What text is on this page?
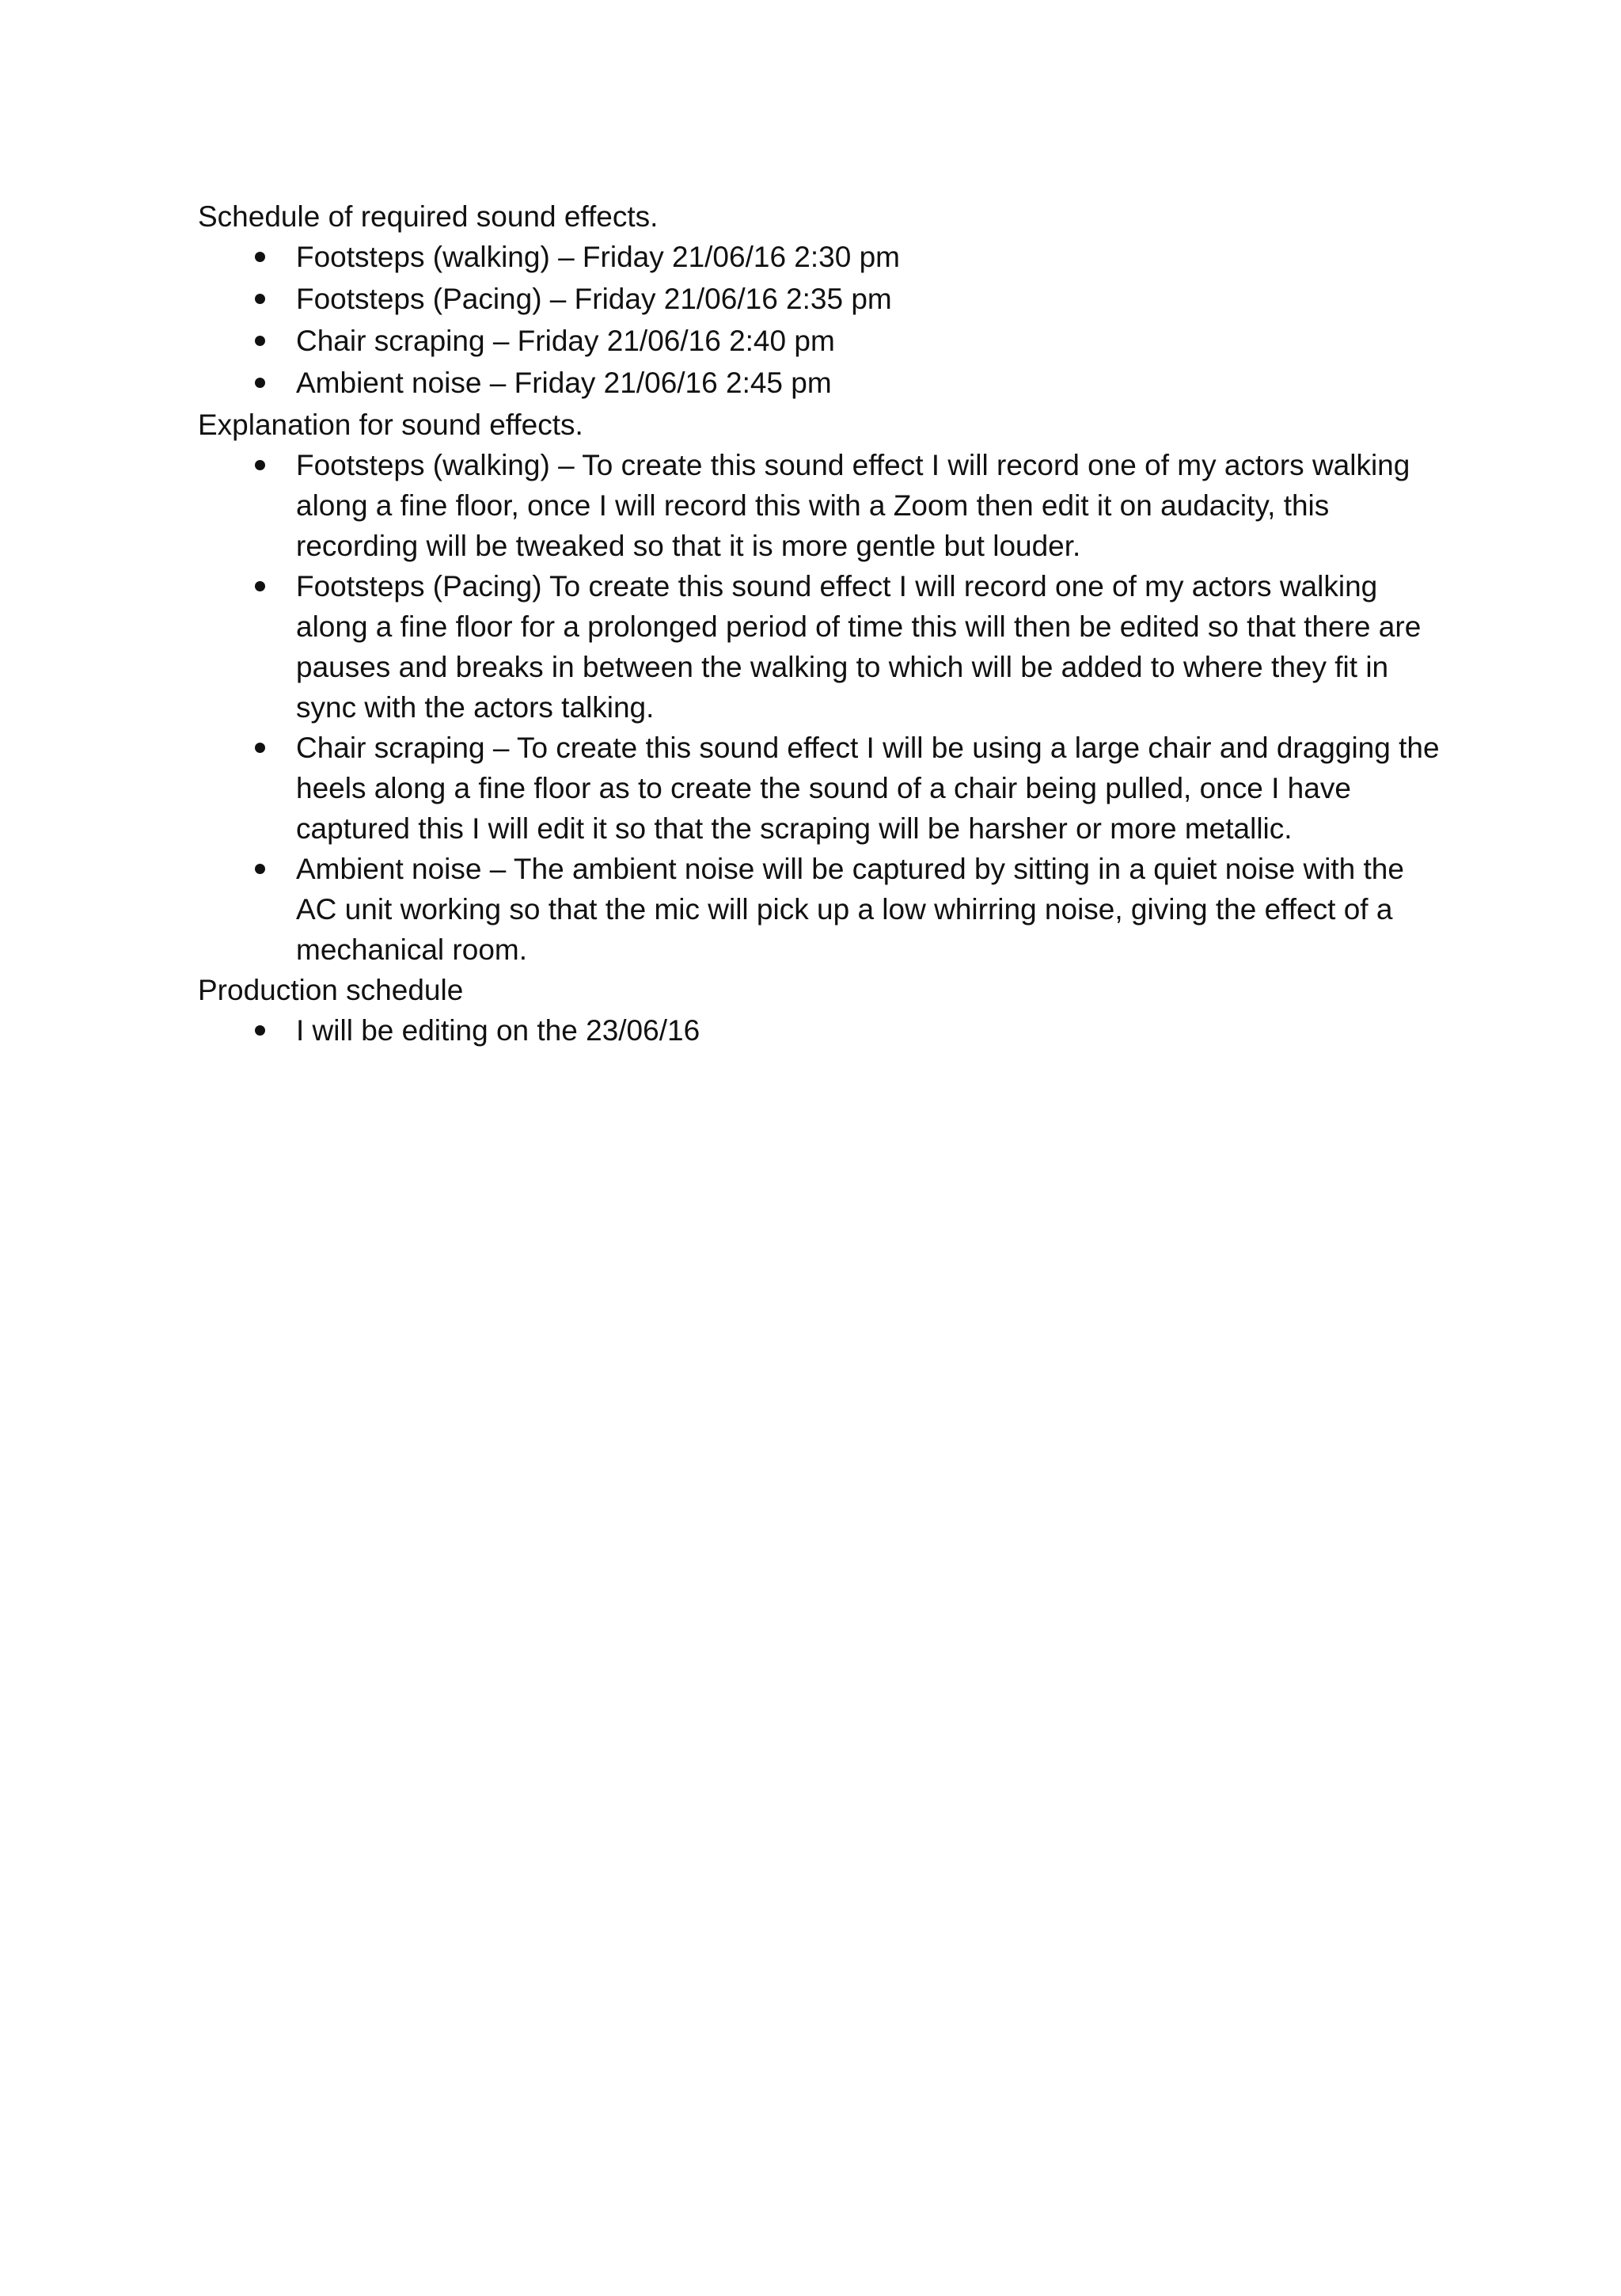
Schedule of required sound effects.

Footsteps (walking) – Friday 21/06/16 2:30 pm
Footsteps (Pacing) – Friday 21/06/16 2:35 pm
Chair scraping – Friday 21/06/16 2:40 pm
Ambient noise – Friday 21/06/16 2:45 pm

Explanation for sound effects.

Footsteps (walking) – To create this sound effect I will record one of my actors walking along a fine floor, once I will record this with a Zoom then edit it on audacity, this recording will be tweaked so that it is more gentle but louder.
Footsteps (Pacing) To create this sound effect I will record one of my actors walking along a fine floor for a prolonged period of time this will then be edited so that there are pauses and breaks in between the walking to which will be added to where they fit in sync with the actors talking.
Chair scraping – To create this sound effect I will be using a large chair and dragging the heels along a fine floor as to create the sound of a chair being pulled, once I have captured this I will edit it so that the scraping will be harsher or more metallic.
Ambient noise – The ambient noise will be captured by sitting in a quiet noise with the AC unit working so that the mic will pick up a low whirring noise, giving the effect of a mechanical room.

Production schedule

I will be editing on the 23/06/16
